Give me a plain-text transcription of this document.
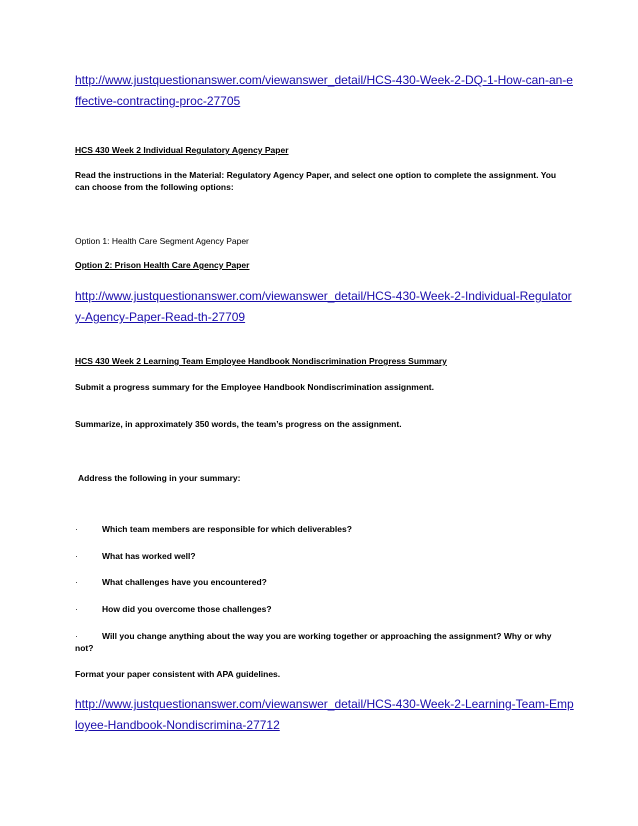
http://www.justquestionanswer.com/viewanswer_detail/HCS-430-Week-2-DQ-1-How-can-an-effective-contracting-proc-27705

HCS 430 Week 2 Individual Regulatory Agency Paper

Read the instructions in the Material: Regulatory Agency Paper, and select one option to complete the assignment. You can choose from the following options:

Option 1: Health Care Segment Agency Paper

Option 2: Prison Health Care Agency Paper

http://www.justquestionanswer.com/viewanswer_detail/HCS-430-Week-2-Individual-Regulatory-Agency-Paper-Read-th-27709

HCS 430 Week 2 Learning Team Employee Handbook Nondiscrimination Progress Summary

Submit a progress summary for the Employee Handbook Nondiscrimination assignment.

Summarize, in approximately 350 words, the team’s progress on the assignment.

Address the following in your summary:

·	Which team members are responsible for which deliverables?

·	What has worked well?

·	What challenges have you encountered?

·	How did you overcome those challenges?

·	Will you change anything about the way you are working together or approaching the assignment? Why or why not?

Format your paper consistent with APA guidelines.

http://www.justquestionanswer.com/viewanswer_detail/HCS-430-Week-2-Learning-Team-Employee-Handbook-Nondiscrimina-27712
